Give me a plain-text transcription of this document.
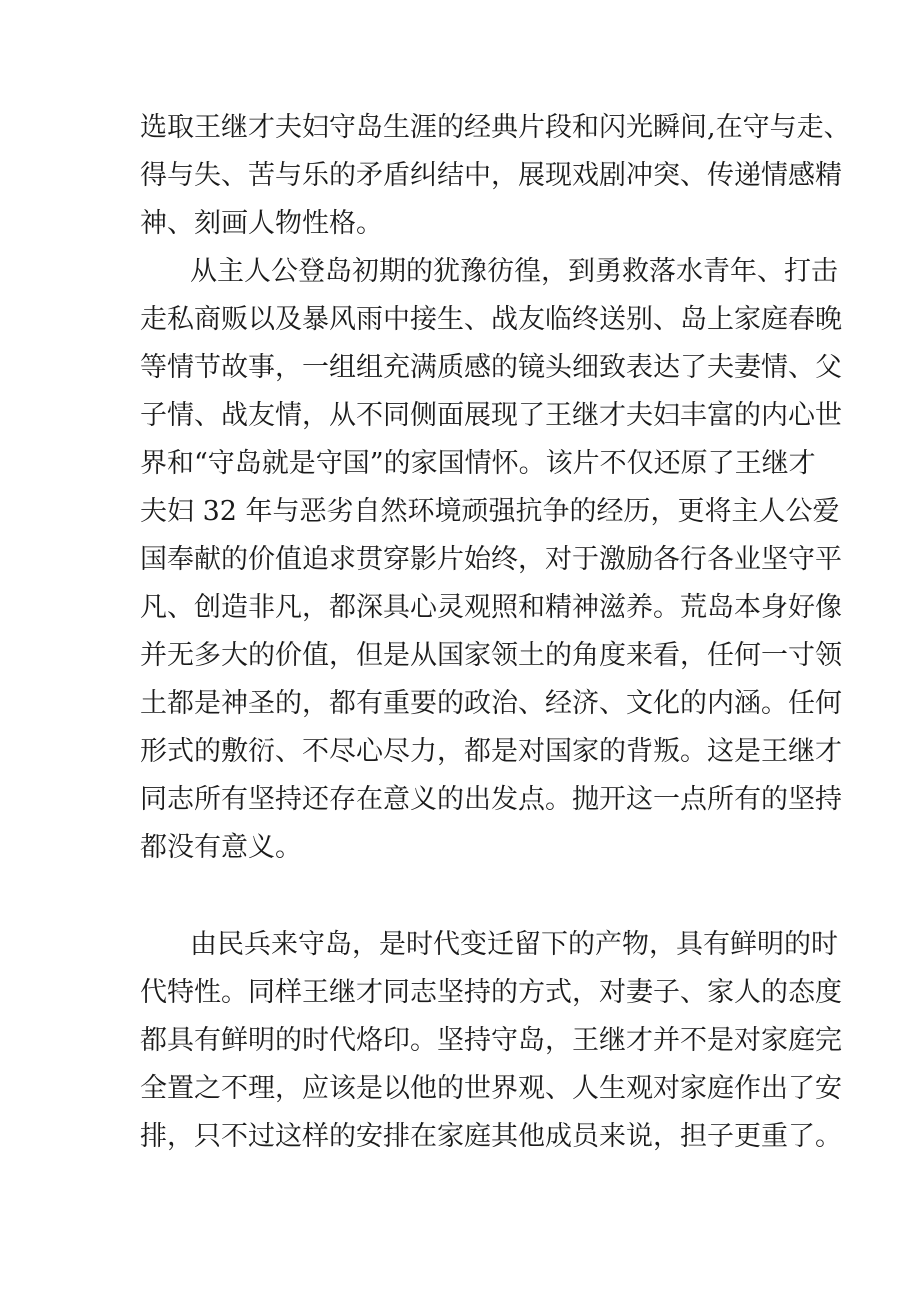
选取王继才夫妇守岛生涯的经典片段和闪光瞬间,在守与走、
得与失、苦与乐的矛盾纠结中，展现戏剧冲突、传递情感精
神、刻画人物性格。
从主人公登岛初期的犹豫彷徨，到勇救落水青年、打击
走私商贩以及暴风雨中接生、战友临终送别、岛上家庭春晚
等情节故事，一组组充满质感的镜头细致表达了夫妻情、父
子情、战友情，从不同侧面展现了王继才夫妇丰富的内心世
界和“守岛就是守国”的家国情怀。该片不仅还原了王继才
夫妇 32 年与恶劣自然环境顽强抗争的经历，更将主人公爱
国奉献的价值追求贯穿影片始终，对于激励各行各业坚守平
凡、创造非凡，都深具心灵观照和精神滋养。荒岛本身好像
并无多大的价值，但是从国家领土的角度来看，任何一寸领
土都是神圣的，都有重要的政治、经济、文化的内涵。任何
形式的敷衍、不尽心尽力，都是对国家的背叛。这是王继才
同志所有坚持还存在意义的出发点。抛开这一点所有的坚持
都没有意义。
由民兵来守岛，是时代变迁留下的产物，具有鲜明的时
代特性。同样王继才同志坚持的方式，对妻子、家人的态度
都具有鲜明的时代烙印。坚持守岛，王继才并不是对家庭完
全置之不理，应该是以他的世界观、人生观对家庭作出了安
排，只不过这样的安排在家庭其他成员来说，担子更重了。
